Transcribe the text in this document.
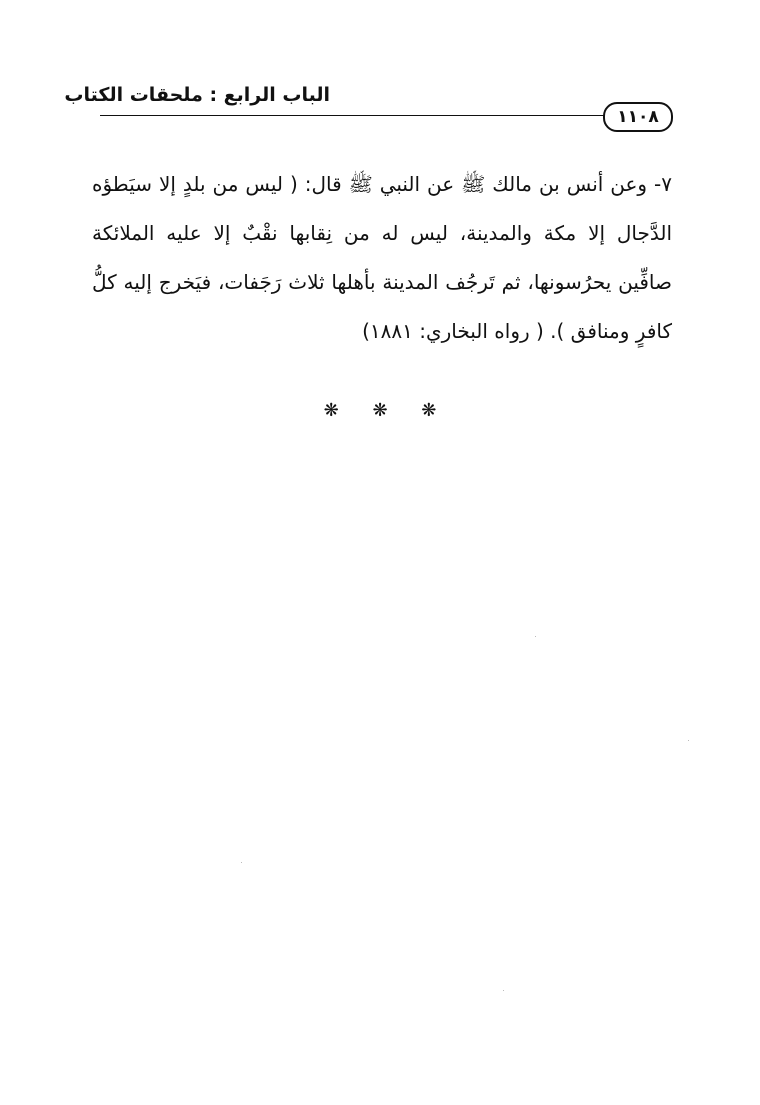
الباب الرابع : ملحقات الكتاب
١١٠٨

٧- وعن أنس بن مالك ﷺ عن النبي ﷺ قال: ( ليس من بلدٍ إلا سيَطؤه الدَّجال إلا مكة والمدينة، ليس له من نِقابها نقْبٌ إلا عليه الملائكة صافِّين يحرُسونها، ثم تَرجُف المدينة بأهلها ثلاث رَجَفات، فيَخرج إليه كلُّ كافرٍ ومنافق ). ( رواه البخاري: ١٨٨١)

❋ ❋ ❋
